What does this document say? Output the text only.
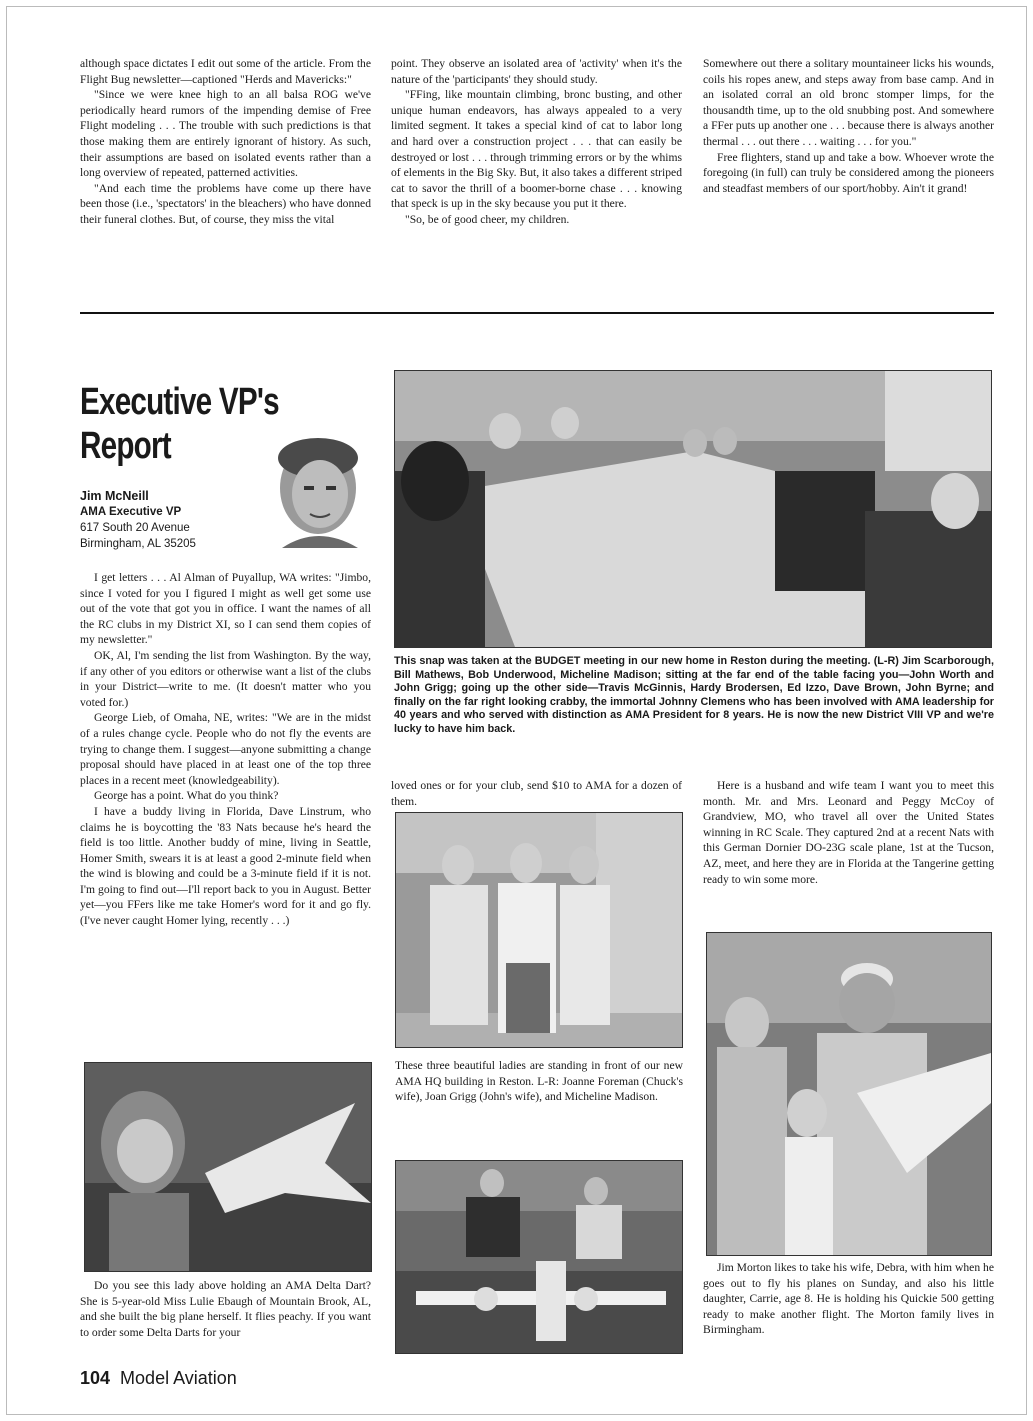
although space dictates I edit out some of the article. From the Flight Bug newsletter—captioned "Herds and Mavericks:"

"Since we were knee high to an all balsa ROG we've periodically heard rumors of the impending demise of Free Flight modeling . . . The trouble with such predictions is that those making them are entirely ignorant of history. As such, their assumptions are based on isolated events rather than a long overview of repeated, patterned activities.

"And each time the problems have come up there have been those (i.e., 'spectators' in the bleachers) who have donned their funeral clothes. But, of course, they miss the vital

point. They observe an isolated area of 'activity' when it's the nature of the 'participants' they should study.

"FFing, like mountain climbing, bronc busting, and other unique human endeavors, has always appealed to a very limited segment. It takes a special kind of cat to labor long and hard over a construction project . . . that can easily be destroyed or lost . . . through trimming errors or by the whims of elements in the Big Sky. But, it also takes a different striped cat to savor the thrill of a boomer-borne chase . . . knowing that speck is up in the sky because you put it there.

"So, be of good cheer, my children.

Somewhere out there a solitary mountaineer licks his wounds, coils his ropes anew, and steps away from base camp. And in an isolated corral an old bronc stomper limps, for the thousandth time, up to the old snubbing post. And somewhere a FFer puts up another one . . . because there is always another thermal . . . out there . . . waiting . . . for you."

Free flighters, stand up and take a bow. Whoever wrote the foregoing (in full) can truly be considered among the pioneers and steadfast members of our sport/hobby. Ain't it grand!

Executive VP's
Report
Jim McNeill
AMA Executive VP
617 South 20 Avenue
Birmingham, AL 35205

I get letters . . . Al Alman of Puyallup, WA writes: "Jimbo, since I voted for you I figured I might as well get some use out of the vote that got you in office. I want the names of all the RC clubs in my District XI, so I can send them copies of my newsletter."

OK, Al, I'm sending the list from Washington. By the way, if any other of you editors or otherwise want a list of the clubs in your District—write to me. (It doesn't matter who you voted for.)

George Lieb, of Omaha, NE, writes: "We are in the midst of a rules change cycle. People who do not fly the events are trying to change them. I suggest—anyone submitting a change proposal should have placed in at least one of the top three places in a recent meet (knowledgeability).

George has a point. What do you think?

I have a buddy living in Florida, Dave Linstrum, who claims he is boycotting the '83 Nats because he's heard the field is too little. Another buddy of mine, living in Seattle, Homer Smith, swears it is at least a good 2-minute field when the wind is blowing and could be a 3-minute field if it is not. I'm going to find out—I'll report back to you in August. Better yet—you FFers like me take Homer's word for it and go fly. (I've never caught Homer lying, recently . . .)

Do you see this lady above holding an AMA Delta Dart? She is 5-year-old Miss Lulie Ebaugh of Mountain Brook, AL, and she built the big plane herself. It flies peachy. If you want to order some Delta Darts for your
This snap was taken at the BUDGET meeting in our new home in Reston during the meeting. (L-R) Jim Scarborough, Bill Mathews, Bob Underwood, Micheline Madison; sitting at the far end of the table facing you—John Worth and John Grigg; going up the other side—Travis McGinnis, Hardy Brodersen, Ed Izzo, Dave Brown, John Byrne; and finally on the far right looking crabby, the immortal Johnny Clemens who has been involved with AMA leadership for 40 years and who served with distinction as AMA President for 8 years. He is now the new District VIII VP and we're lucky to have him back.
loved ones or for your club, send $10 to AMA for a dozen of them.
These three beautiful ladies are standing in front of our new AMA HQ building in Reston. L-R: Joanne Foreman (Chuck's wife), Joan Grigg (John's wife), and Micheline Madison.
Here is a husband and wife team I want you to meet this month. Mr. and Mrs. Leonard and Peggy McCoy of Grandview, MO, who travel all over the United States winning in RC Scale. They captured 2nd at a recent Nats with this German Dornier DO-23G scale plane, 1st at the Tucson, AZ, meet, and here they are in Florida at the Tangerine getting ready to win some more.
Jim Morton likes to take his wife, Debra, with him when he goes out to fly his planes on Sunday, and also his little daughter, Carrie, age 8. He is holding his Quickie 500 getting ready to make another flight. The Morton family lives in Birmingham.
104 Model Aviation
